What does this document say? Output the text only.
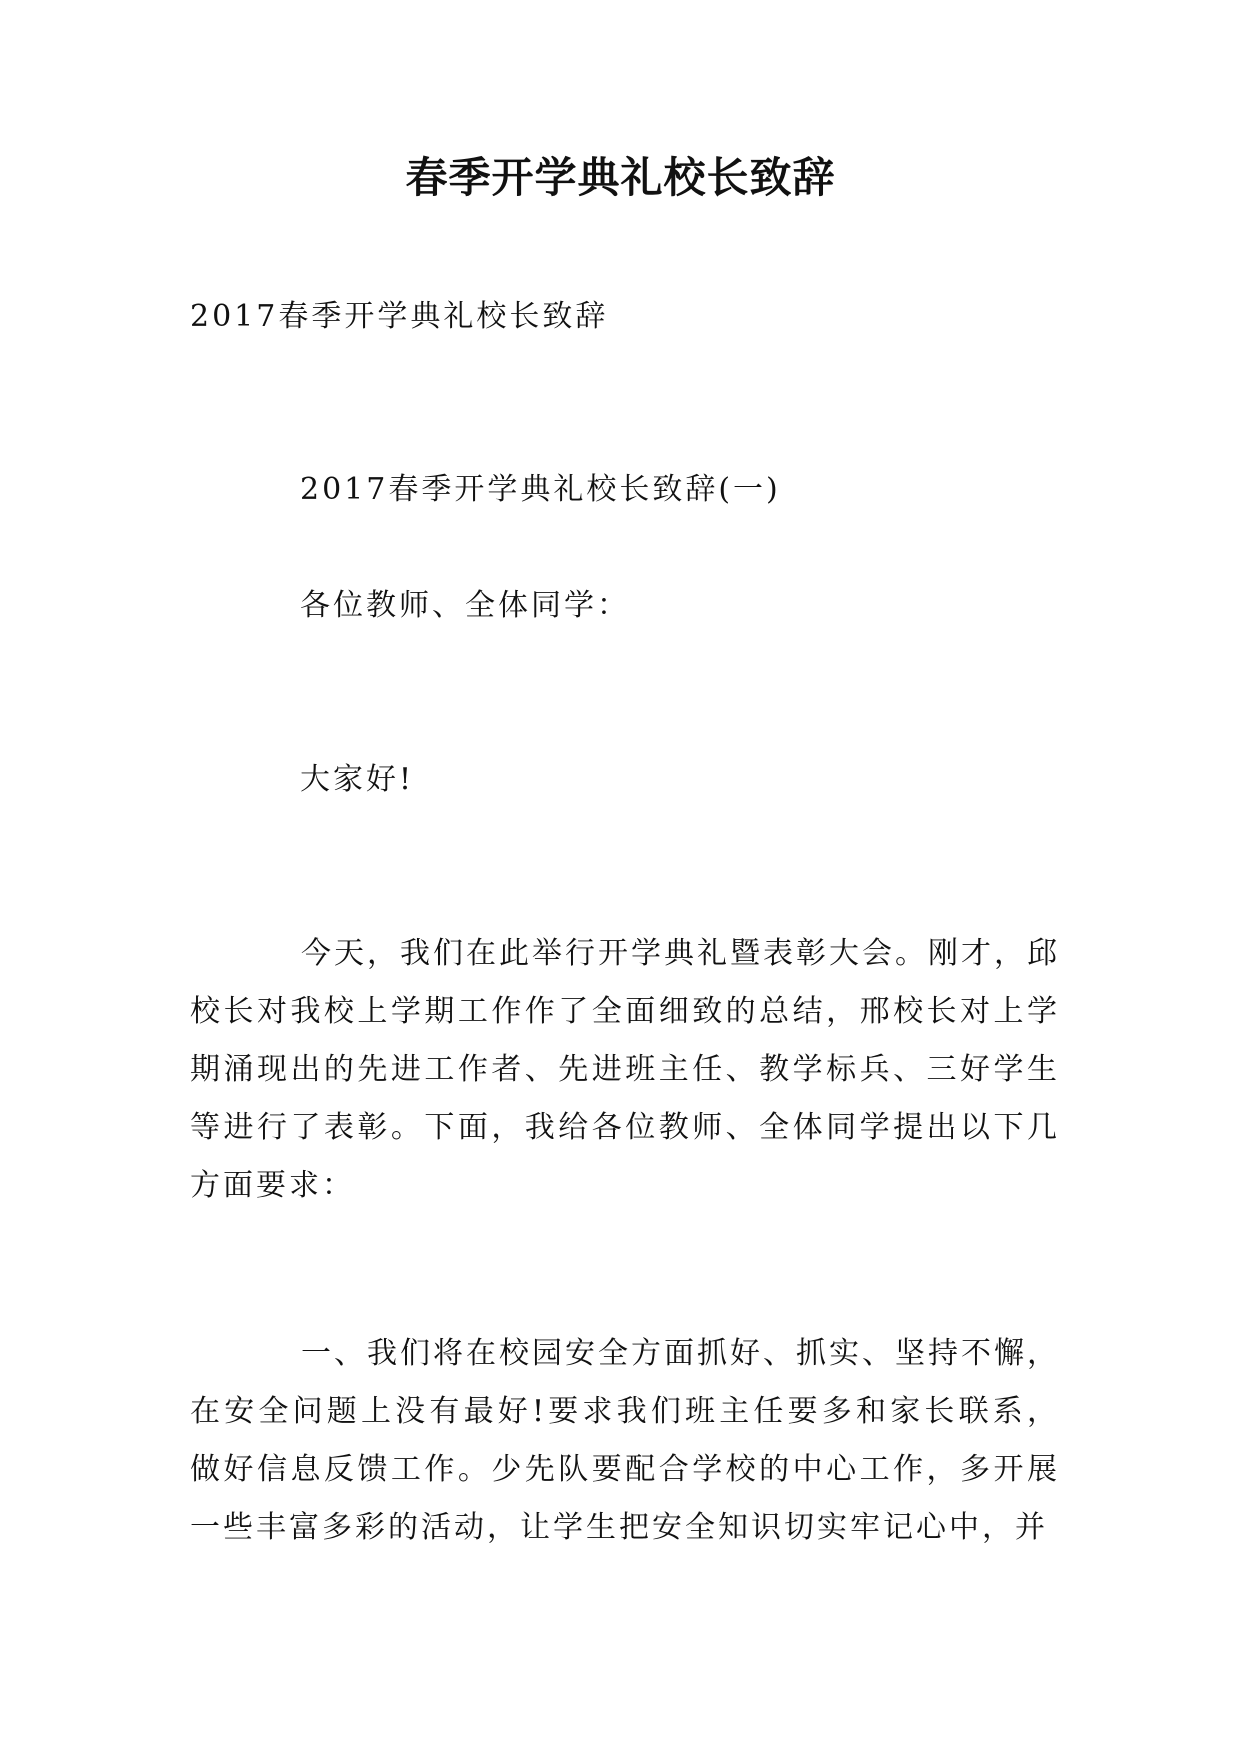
春季开学典礼校长致辞
2017春季开学典礼校长致辞
2017春季开学典礼校长致辞(一)
各位教师、全体同学：
大家好!

今天，我们在此举行开学典礼暨表彰大会。刚才，邱校长对我校上学期工作作了全面细致的总结，邢校长对上学期涌现出的先进工作者、先进班主任、教学标兵、三好学生等进行了表彰。下面，我给各位教师、全体同学提出以下几方面要求：

一、我们将在校园安全方面抓好、抓实、坚持不懈，在安全问题上没有最好!要求我们班主任要多和家长联系，做好信息反馈工作。少先队要配合学校的中心工作，多开展一些丰富多彩的活动，让学生把安全知识切实牢记心中，并
